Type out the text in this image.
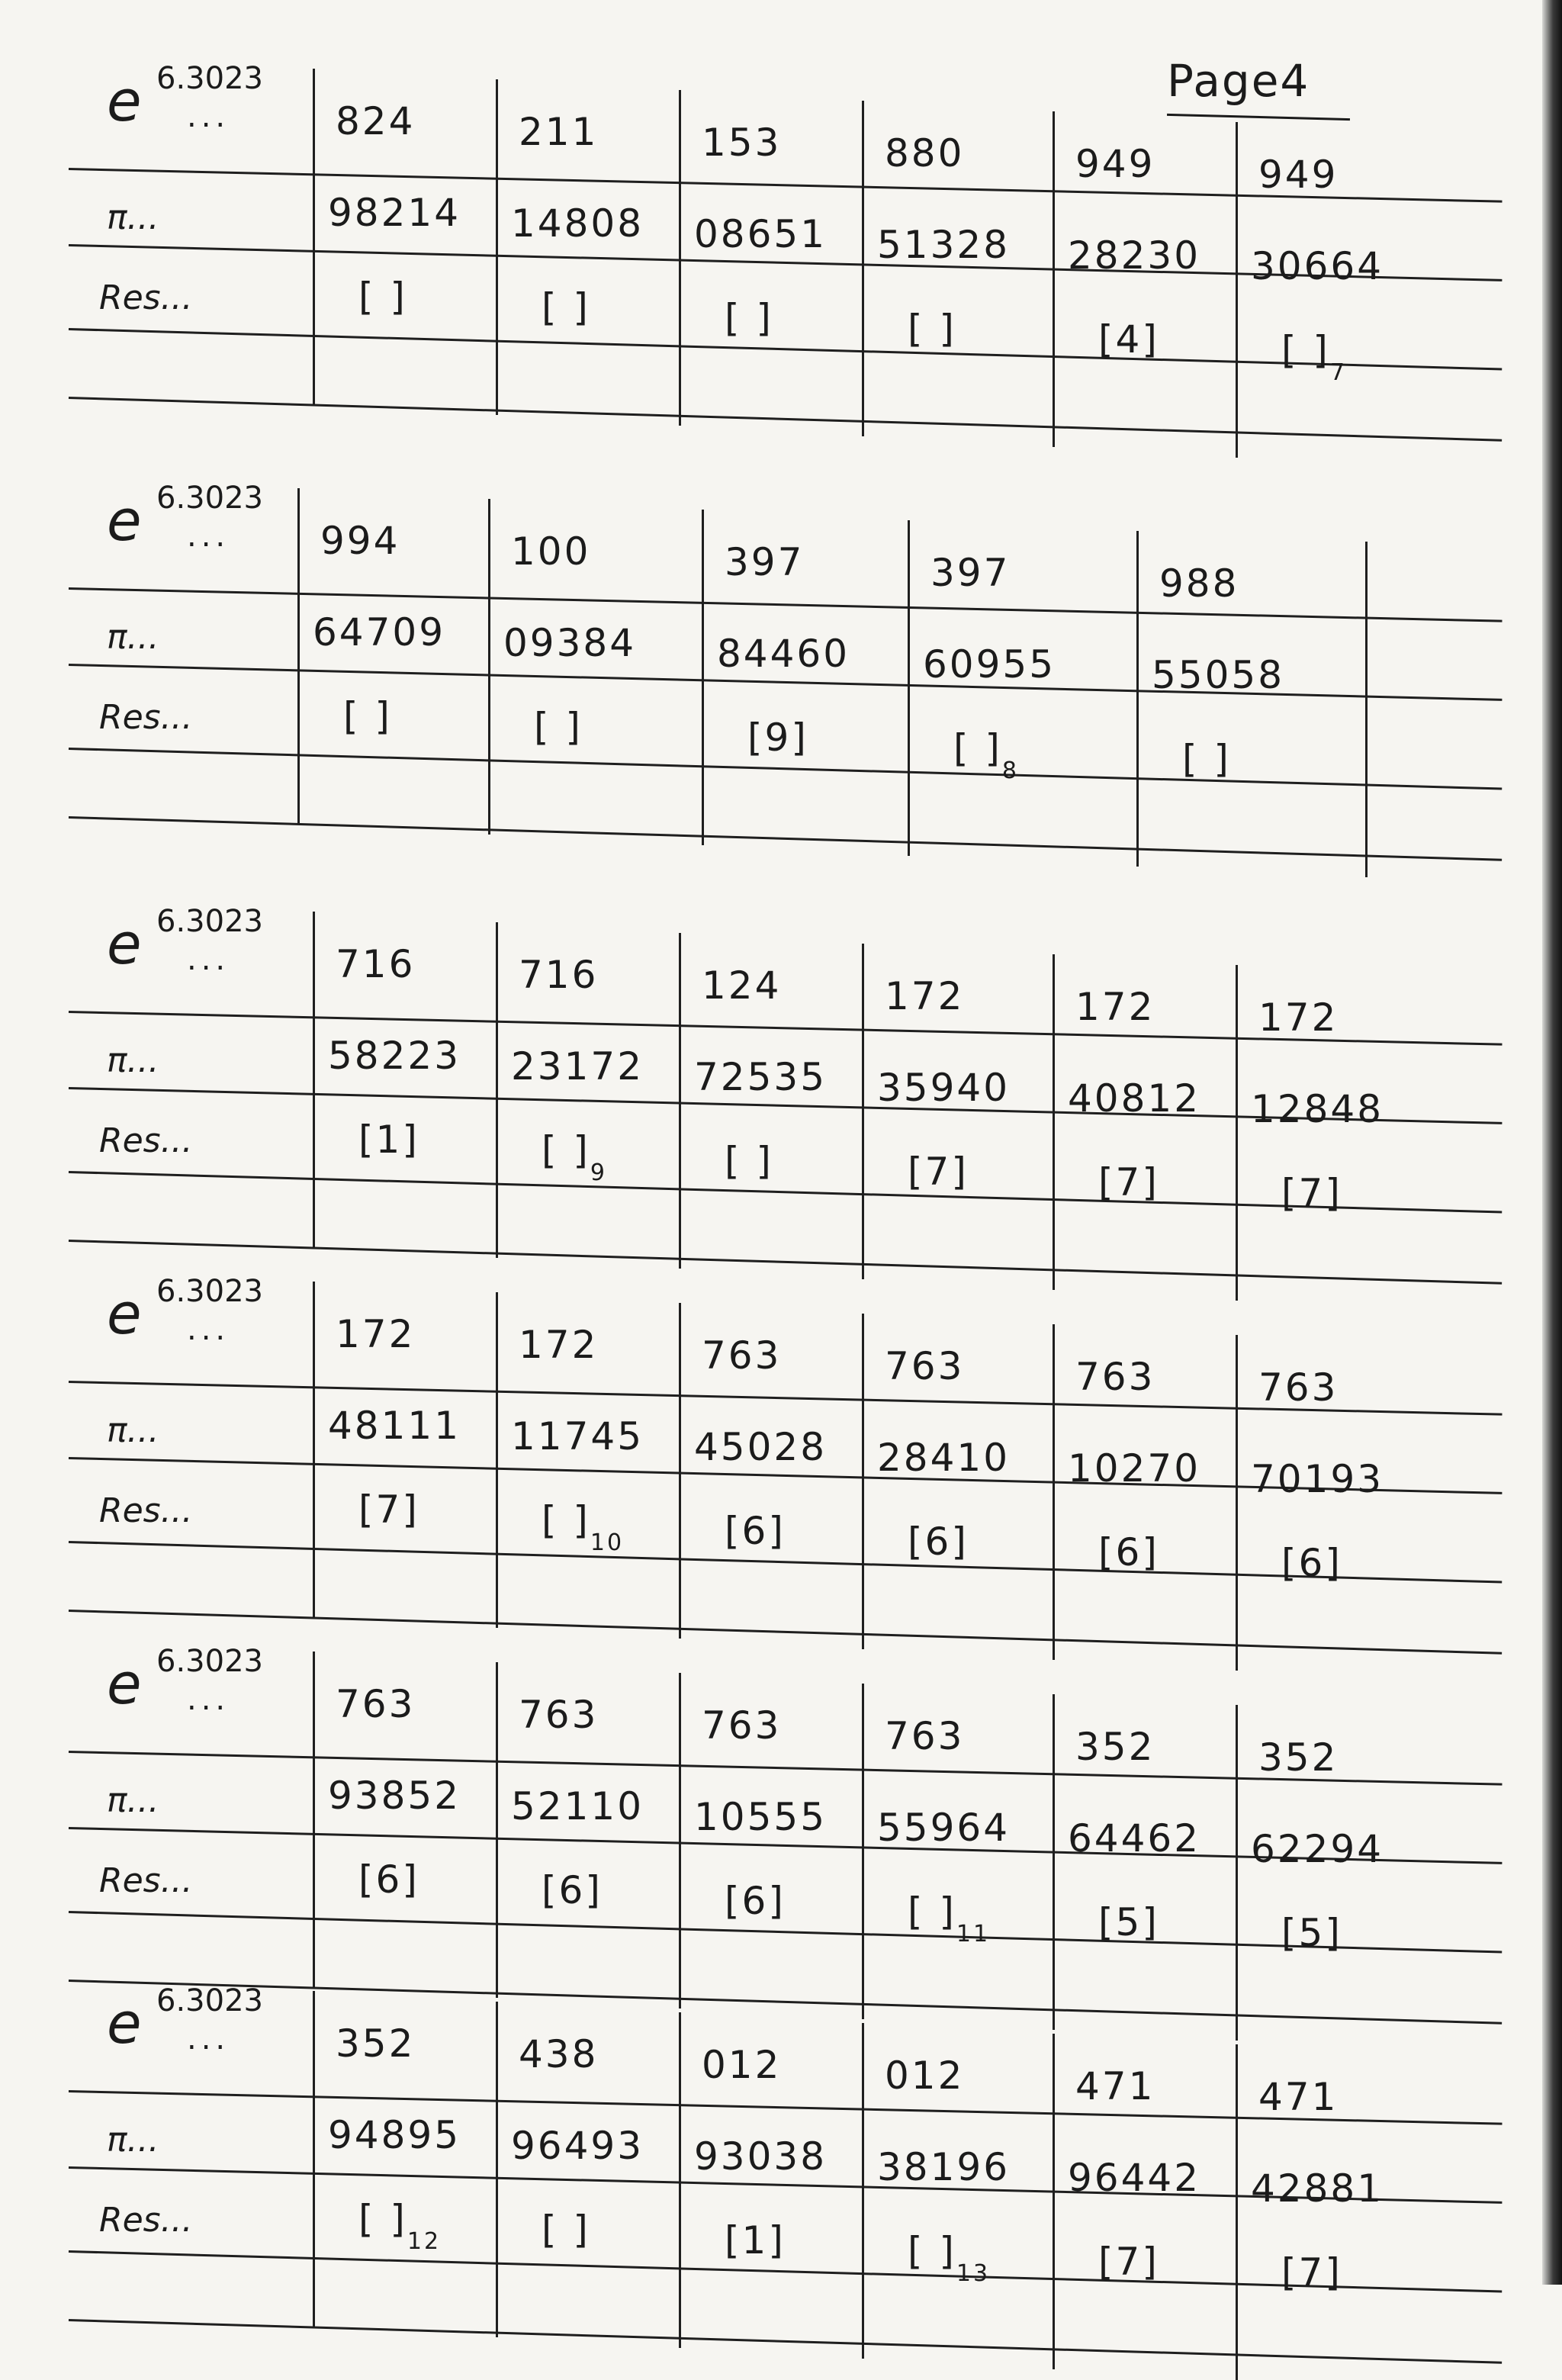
Page4
e 6.3023
...
π...
Res...
824
98214
[ ]
211
14808
[ ]
153
08651
[ ]
880
51328
[ ]
949
28230
[4]
949
30664
[ ]$_7$
e 6.3023
...
π...
Res...
994
64709
[ ]
100
09384
[ ]
397
84460
[9]
397
60955
[ ]$_8$
988
55058
[ ]
e 6.3023
...
π...
Res...
716
58223
[1]
716
23172
[ ]$_9$
124
72535
[ ]
172
35940
[7]
172
40812
[7]
172
12848
[7]
e 6.3023
...
π...
Res...
172
48111
[7]
172
11745
[ ]$_{10}$
763
45028
[6]
763
28410
[6]
763
10270
[6]
763
70193
[6]
e 6.3023
...
π...
Res...
763
93852
[6]
763
52110
[6]
763
10555
[6]
763
55964
[ ]$_{11}$
352
64462
[5]
352
62294
[5]
e 6.3023
...
π...
Res...
352
94895
[ ]$_{12}$
438
96493
[ ]
012
93038
[1]
012
38196
[ ]$_{13}$
471
96442
[7]
471
42881
[7]
